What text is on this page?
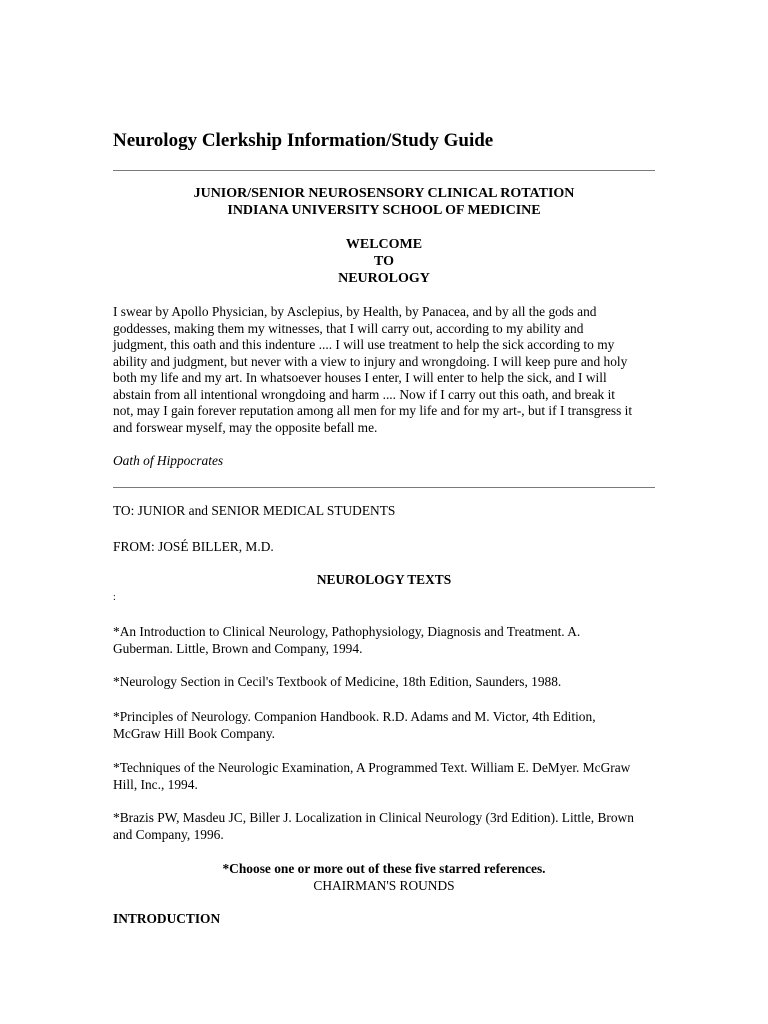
Neurology Clerkship Information/Study Guide
JUNIOR/SENIOR NEUROSENSORY CLINICAL ROTATION
INDIANA UNIVERSITY SCHOOL OF MEDICINE
WELCOME
TO
NEUROLOGY
I swear by Apollo Physician, by Asclepius, by Health, by Panacea, and by all the gods and
goddesses, making them my witnesses, that I will carry out, according to my ability and
judgment, this oath and this indenture .... I will use treatment to help the sick according to my
ability and judgment, but never with a view to injury and wrongdoing. I will keep pure and holy
both my life and my art. In whatsoever houses I enter, I will enter to help the sick, and I will
abstain from all intentional wrongdoing and harm .... Now if I carry out this oath, and break it
not, may I gain forever reputation among all men for my life and for my art-, but if I transgress it
and forswear myself, may the opposite befall me.
Oath of Hippocrates
TO: JUNIOR and SENIOR MEDICAL STUDENTS
FROM: JOSÉ BILLER, M.D.
NEUROLOGY TEXTS
:
*An Introduction to Clinical Neurology, Pathophysiology, Diagnosis and Treatment. A.
Guberman. Little, Brown and Company, 1994.
*Neurology Section in Cecil's Textbook of Medicine, 18th Edition, Saunders, 1988.
*Principles of Neurology. Companion Handbook. R.D. Adams and M. Victor, 4th Edition,
McGraw Hill Book Company.
*Techniques of the Neurologic Examination, A Programmed Text. William E. DeMyer. McGraw
Hill, Inc., 1994.
*Brazis PW, Masdeu JC, Biller J. Localization in Clinical Neurology (3rd Edition). Little, Brown
and Company, 1996.
*Choose one or more out of these five starred references.
CHAIRMAN'S ROUNDS
INTRODUCTION
